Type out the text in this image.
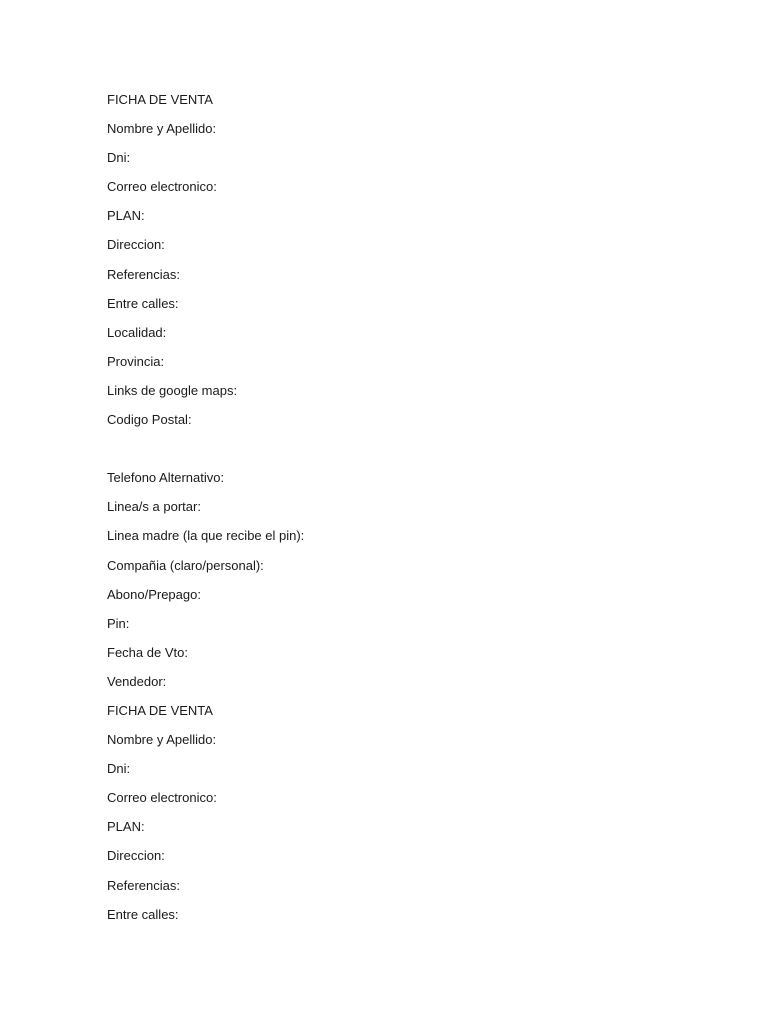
FICHA DE VENTA
Nombre y Apellido:
Dni:
Correo electronico:
PLAN:
Direccion:
Referencias:
Entre calles:
Localidad:
Provincia:
Links de google maps:
Codigo Postal:
Telefono Alternativo:
Linea/s a portar:
Linea madre (la que recibe el pin):
Compañia (claro/personal):
Abono/Prepago:
Pin:
Fecha de Vto:
Vendedor:
FICHA DE VENTA
Nombre y Apellido:
Dni:
Correo electronico:
PLAN:
Direccion:
Referencias:
Entre calles:
